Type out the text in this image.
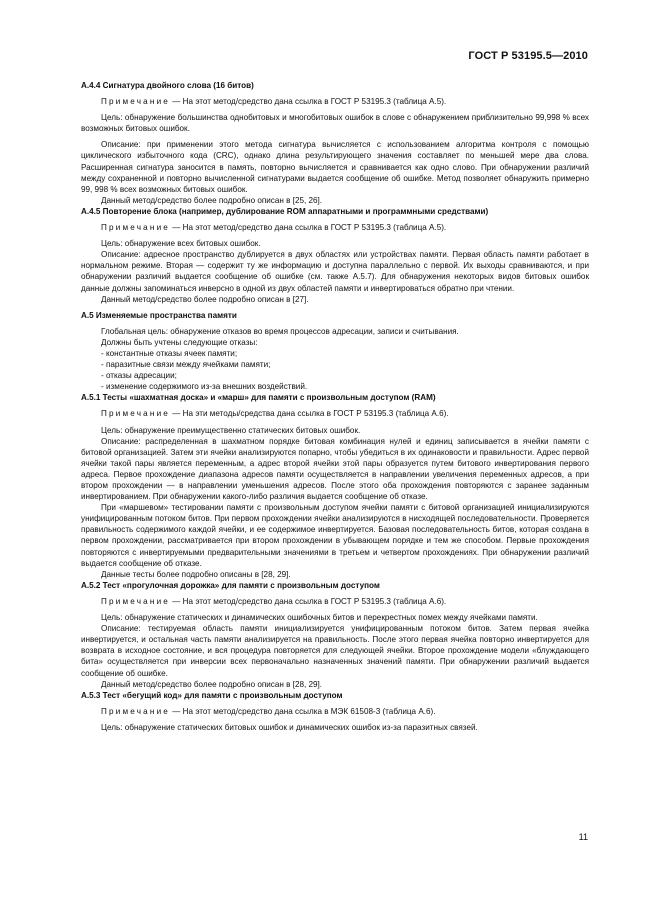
ГОСТ Р 53195.5—2010

А.4.4 Сигнатура двойного слова (16 битов)

Примечание — На этот метод/средство дана ссылка в ГОСТ Р 53195.3 (таблица А.5).

Цель: обнаружение большинства однобитовых и многобитовых ошибок в слове с обнаружением приблизительно 99,998 % всех возможных битовых ошибок.

Описание: при применении этого метода сигнатура вычисляется с использованием алгоритма контроля с помощью циклического избыточного кода (CRC), однако длина результирующего значения составляет по меньшей мере два слова. Расширенная сигнатура заносится в память, повторно вычисляется и сравнивается как одно слово. При обнаружении различий между сохраненной и повторно вычисленной сигнатурами выдается сообщение об ошибке. Метод позволяет обнаружить примерно 99, 998 % всех возможных битовых ошибок.

Данный метод/средство более подробно описан в [25, 26].

А.4.5 Повторение блока (например, дублирование ROM аппаратными и программными средствами)

Примечание — На этот метод/средство дана ссылка в ГОСТ Р 53195.3 (таблица А.5).

Цель: обнаружение всех битовых ошибок.

Описание: адресное пространство дублируется в двух областях или устройствах памяти. Первая область памяти работает в нормальном режиме. Вторая — содержит ту же информацию и доступна параллельно с первой. Их выходы сравниваются, и при обнаружении различий выдается сообщение об ошибке (см. также А.5.7). Для обнаружения некоторых видов битовых ошибок данные должны запоминаться инверсно в одной из двух областей памяти и инвертироваться обратно при чтении.

Данный метод/средство более подробно описан в [27].

А.5 Изменяемые пространства памяти

Глобальная цель: обнаружение отказов во время процессов адресации, записи и считывания.

Должны быть учтены следующие отказы:

- константные отказы ячеек памяти;

- паразитные связи между ячейками памяти;

- отказы адресации;

- изменение содержимого из-за внешних воздействий.

А.5.1 Тесты «шахматная доска» и «марш» для памяти с произвольным доступом (RAM)

Примечание — На эти методы/средства дана ссылка в ГОСТ Р 53195.3 (таблица А.6).

Цель: обнаружение преимущественно статических битовых ошибок.

Описание: распределенная в шахматном порядке битовая комбинация нулей и единиц записывается в ячейки памяти с битовой организацией. Затем эти ячейки анализируются попарно, чтобы убедиться в их одинаковости и правильности. Адрес первой ячейки такой пары является переменным, а адрес второй ячейки этой пары образуется путем битового инвертирования первого адреса. Первое прохождение диапазона адресов памяти осуществляется в направлении увеличения переменных адресов, а при втором прохождении — в направлении уменьшения адресов. После этого оба прохождения повторяются с заранее заданным инвертированием. При обнаружении какого-либо различия выдается сообщение об отказе.

При «маршевом» тестировании памяти с произвольным доступом ячейки памяти с битовой организацией инициализируются унифицированным потоком битов. При первом прохождении ячейки анализируются в нисходящей последовательности. Проверяется правильность содержимого каждой ячейки, и ее содержимое инвертируется. Базовая последовательность битов, которая создана в первом прохождении, рассматривается при втором прохождении в убывающем порядке и тем же способом. Первые прохождения повторяются с инвертируемыми предварительными значениями в третьем и четвертом прохождениях. При обнаружении различий выдается сообщение об отказе.

Данные тесты более подробно описаны в [28, 29].

А.5.2 Тест «прогулочная дорожка» для памяти с произвольным доступом

Примечание — На этот метод/средство дана ссылка в ГОСТ Р 53195.3 (таблица А.6).

Цель: обнаружение статических и динамических ошибочных битов и перекрестных помех между ячейками памяти.

Описание: тестируемая область памяти инициализируется унифицированным потоком битов. Затем первая ячейка инвертируется, и остальная часть памяти анализируется на правильность. После этого первая ячейка повторно инвертируется для возврата в исходное состояние, и вся процедура повторяется для следующей ячейки. Второе прохождение модели «блуждающего бита» осуществляется при инверсии всех первоначально назначенных значений памяти. При обнаружении различий выдается сообщение об ошибке.

Данный метод/средство более подробно описан в [28, 29].

А.5.3 Тест «бегущий код» для памяти с произвольным доступом

Примечание — На этот метод/средство дана ссылка в МЭК 61508-3 (таблица А.6).

Цель: обнаружение статических битовых ошибок и динамических ошибок из-за паразитных связей.

11
